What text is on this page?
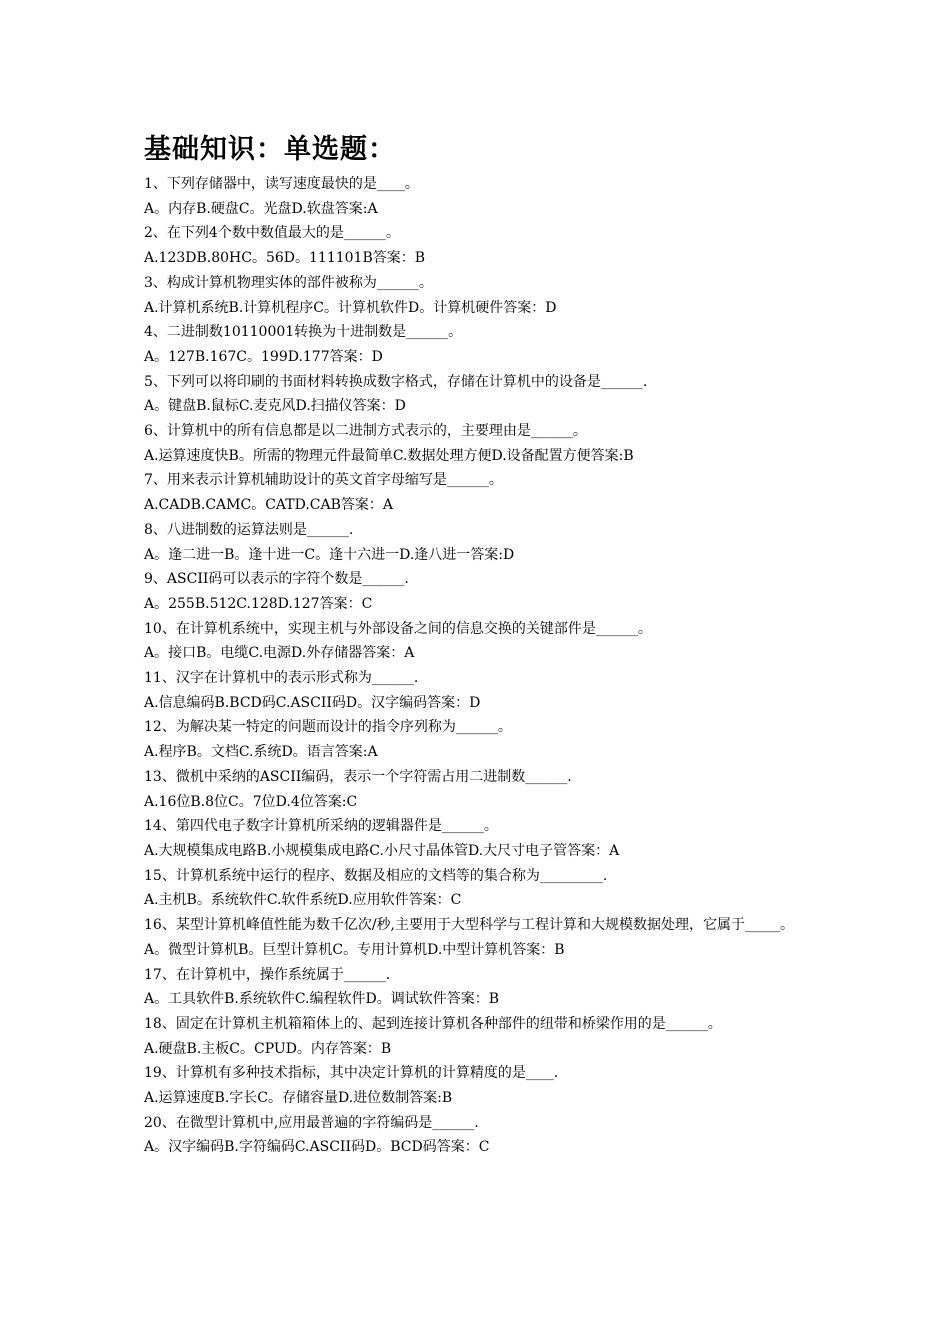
基础知识：单选题：
1、下列存储器中，读写速度最快的是____。
A。内存B.硬盘C。光盘D.软盘答案:A
2、在下列4个数中数值最大的是______。
A.123DB.80HC。56D。111101B答案：B
3、构成计算机物理实体的部件被称为______。
A.计算机系统B.计算机程序C。计算机软件D。计算机硬件答案：D
4、二进制数10110001转换为十进制数是______。
A。127B.167C。199D.177答案：D
5、下列可以将印刷的书面材料转换成数字格式，存储在计算机中的设备是______.
A。键盘B.鼠标C.麦克风D.扫描仪答案：D
6、计算机中的所有信息都是以二进制方式表示的，主要理由是______。
A.运算速度快B。所需的物理元件最简单C.数据处理方便D.设备配置方便答案:B
7、用来表示计算机辅助设计的英文首字母缩写是______。
A.CADB.CAMC。CATD.CAB答案：A
8、八进制数的运算法则是______.
A。逢二进一B。逢十进一C。逢十六进一D.逢八进一答案:D
9、ASCII码可以表示的字符个数是______.
A。255B.512C.128D.127答案：C
10、在计算机系统中，实现主机与外部设备之间的信息交换的关键部件是______。
A。接口B。电缆C.电源D.外存储器答案：A
11、汉字在计算机中的表示形式称为______.
A.信息编码B.BCD码C.ASCII码D。汉字编码答案：D
12、为解决某一特定的问题而设计的指令序列称为______。
A.程序B。文档C.系统D。语言答案:A
13、微机中采纳的ASCII编码，表示一个字符需占用二进制数______.
A.16位B.8位C。7位D.4位答案:C
14、第四代电子数字计算机所采纳的逻辑器件是______。
A.大规模集成电路B.小规模集成电路C.小尺寸晶体管D.大尺寸电子管答案：A
15、计算机系统中运行的程序、数据及相应的文档等的集合称为_________.
A.主机B。系统软件C.软件系统D.应用软件答案：C
16、某型计算机峰值性能为数千亿次/秒,主要用于大型科学与工程计算和大规模数据处理，它属于_____。
A。微型计算机B。巨型计算机C。专用计算机D.中型计算机答案：B
17、在计算机中，操作系统属于______.
A。工具软件B.系统软件C.编程软件D。调试软件答案：B
18、固定在计算机主机箱箱体上的、起到连接计算机各种部件的纽带和桥梁作用的是______。
A.硬盘B.主板C。CPUD。内存答案：B
19、计算机有多种技术指标，其中决定计算机的计算精度的是____.
A.运算速度B.字长C。存储容量D.进位数制答案:B
20、在微型计算机中,应用最普遍的字符编码是______.
A。汉字编码B.字符编码C.ASCII码D。BCD码答案：C
